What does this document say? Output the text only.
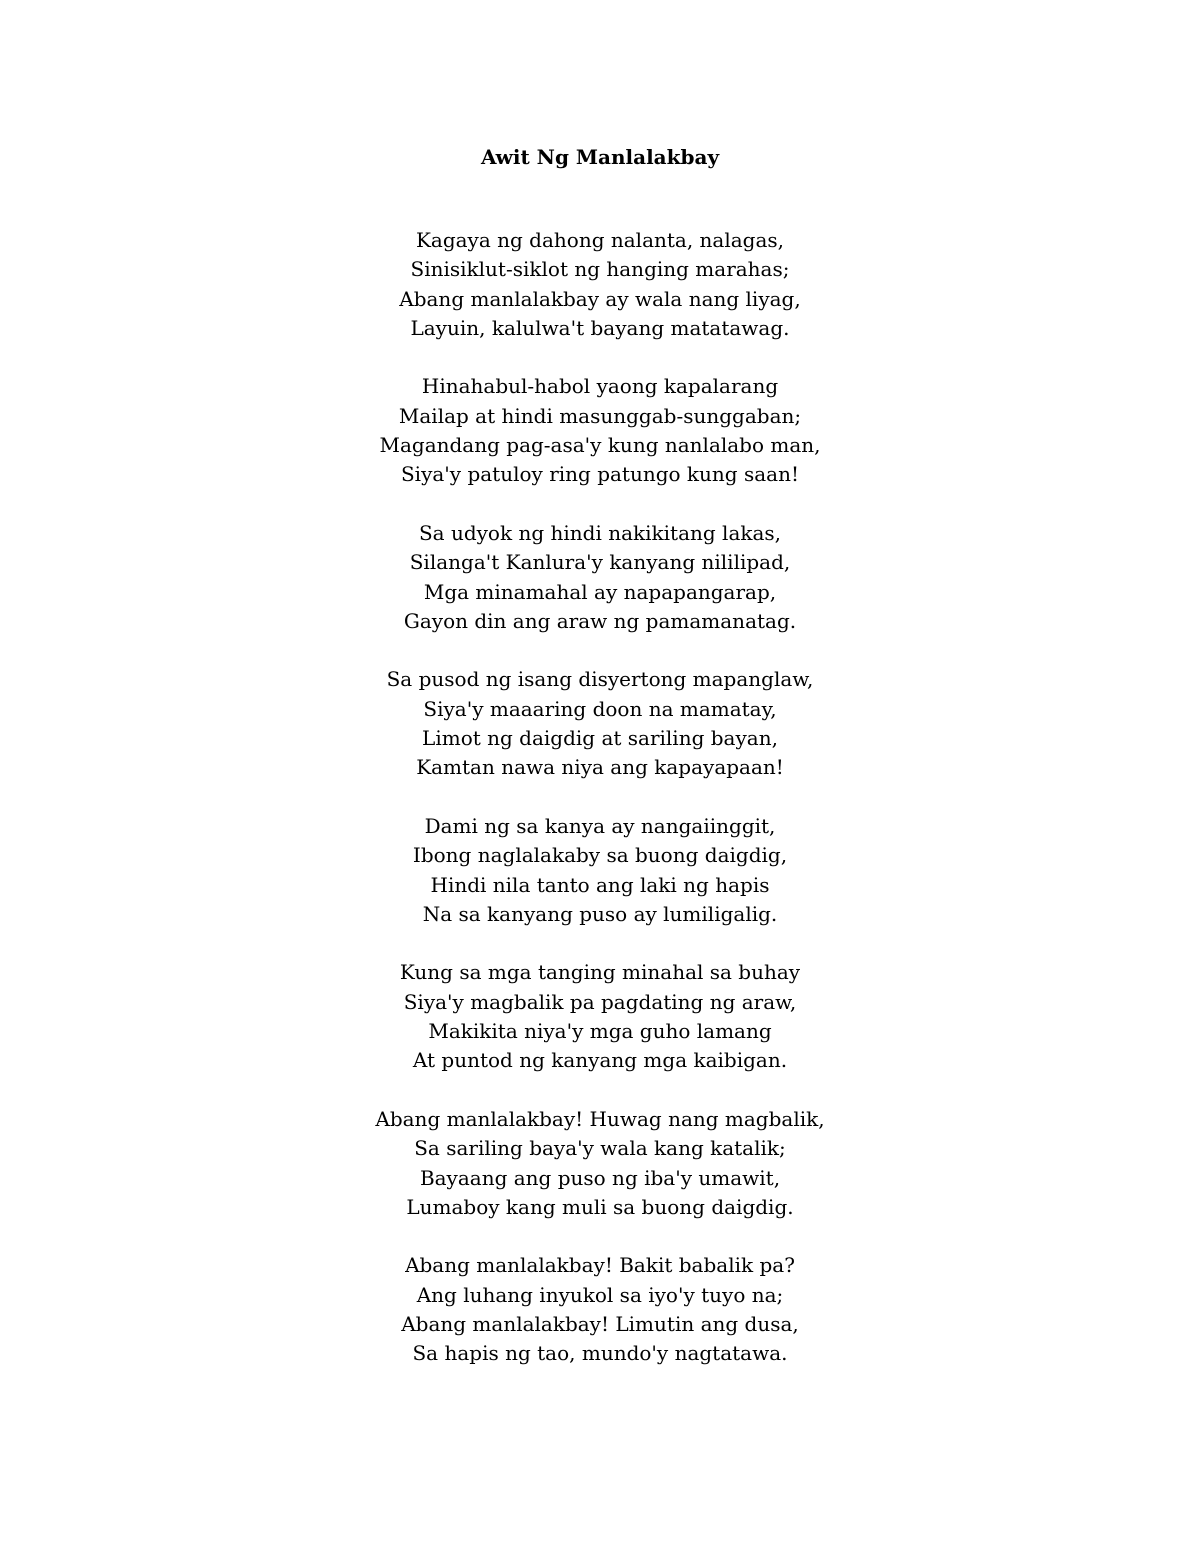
Awit Ng Manlalakbay
Kagaya ng dahong nalanta, nalagas,
Sinisiklut-siklot ng hanging marahas;
Abang manlalakbay ay wala nang liyag,
Layuin, kalulwa't bayang matatawag.
Hinahabul-habol yaong kapalarang
Mailap at hindi masunggab-sunggaban;
Magandang pag-asa'y kung nanlalabo man,
Siya'y patuloy ring patungo kung saan!
Sa udyok ng hindi nakikitang lakas,
Silanga't Kanlura'y kanyang nililipad,
Mga minamahal ay napapangarap,
Gayon din ang araw ng pamamanatag.
Sa pusod ng isang disyertong mapanglaw,
Siya'y maaaring doon na mamatay,
Limot ng daigdig at sariling bayan,
Kamtan nawa niya ang kapayapaan!
Dami ng sa kanya ay nangaiinggit,
Ibong naglalakaby sa buong daigdig,
Hindi nila tanto ang laki ng hapis
Na sa kanyang puso ay lumiligalig.
Kung sa mga tanging minahal sa buhay
Siya'y magbalik pa pagdating ng araw,
Makikita niya'y mga guho lamang
At puntod ng kanyang mga kaibigan.
Abang manlalakbay! Huwag nang magbalik,
Sa sariling baya'y wala kang katalik;
Bayaang ang puso ng iba'y umawit,
Lumaboy kang muli sa buong daigdig.
Abang manlalakbay! Bakit babalik pa?
Ang luhang inyukol sa iyo'y tuyo na;
Abang manlalakbay! Limutin ang dusa,
Sa hapis ng tao, mundo'y nagtatawa.
